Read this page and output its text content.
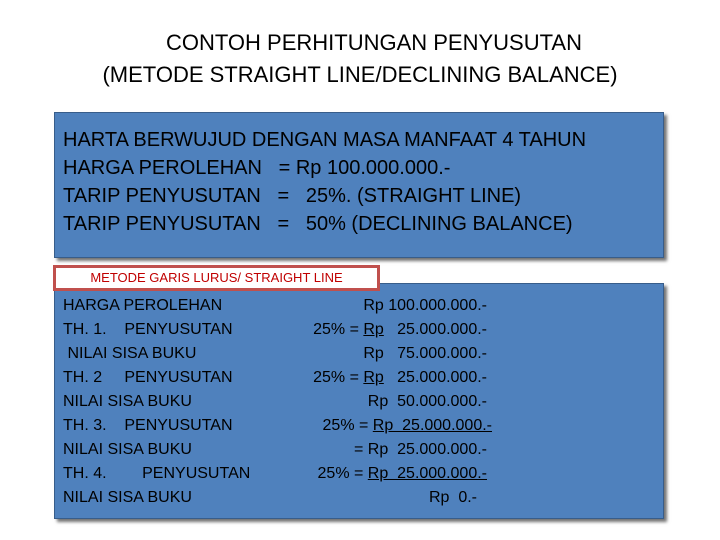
CONTOH PERHITUNGAN PENYUSUTAN
(METODE STRAIGHT LINE/DECLINING BALANCE)
HARTA BERWUJUD DENGAN MASA MANFAAT 4 TAHUN
HARGA PEROLEHAN   = Rp 100.000.000.-
TARIP PENYUSUTAN   =   25%. (STRAIGHT LINE)
TARIP PENYUSUTAN   =   50% (DECLINING BALANCE)
HARGA PEROLEHAN	Rp 100.000.000.-
TH. 1.    PENYUSUTAN	25% = Rp   25.000.000.-
NILAI SISA BUKU	Rp   75.000.000.-
TH. 2     PENYUSUTAN	25% = Rp   25.000.000.-
NILAI SISA BUKU	Rp  50.000.000.-
TH. 3.    PENYUSUTAN	25% = Rp  25.000.000.-
NILAI SISA BUKU	= Rp  25.000.000.-
TH. 4.        PENYUSUTAN	25% = Rp  25.000.000.-
NILAI SISA BUKU	Rp  0.-
METODE GARIS LURUS/ STRAIGHT LINE
